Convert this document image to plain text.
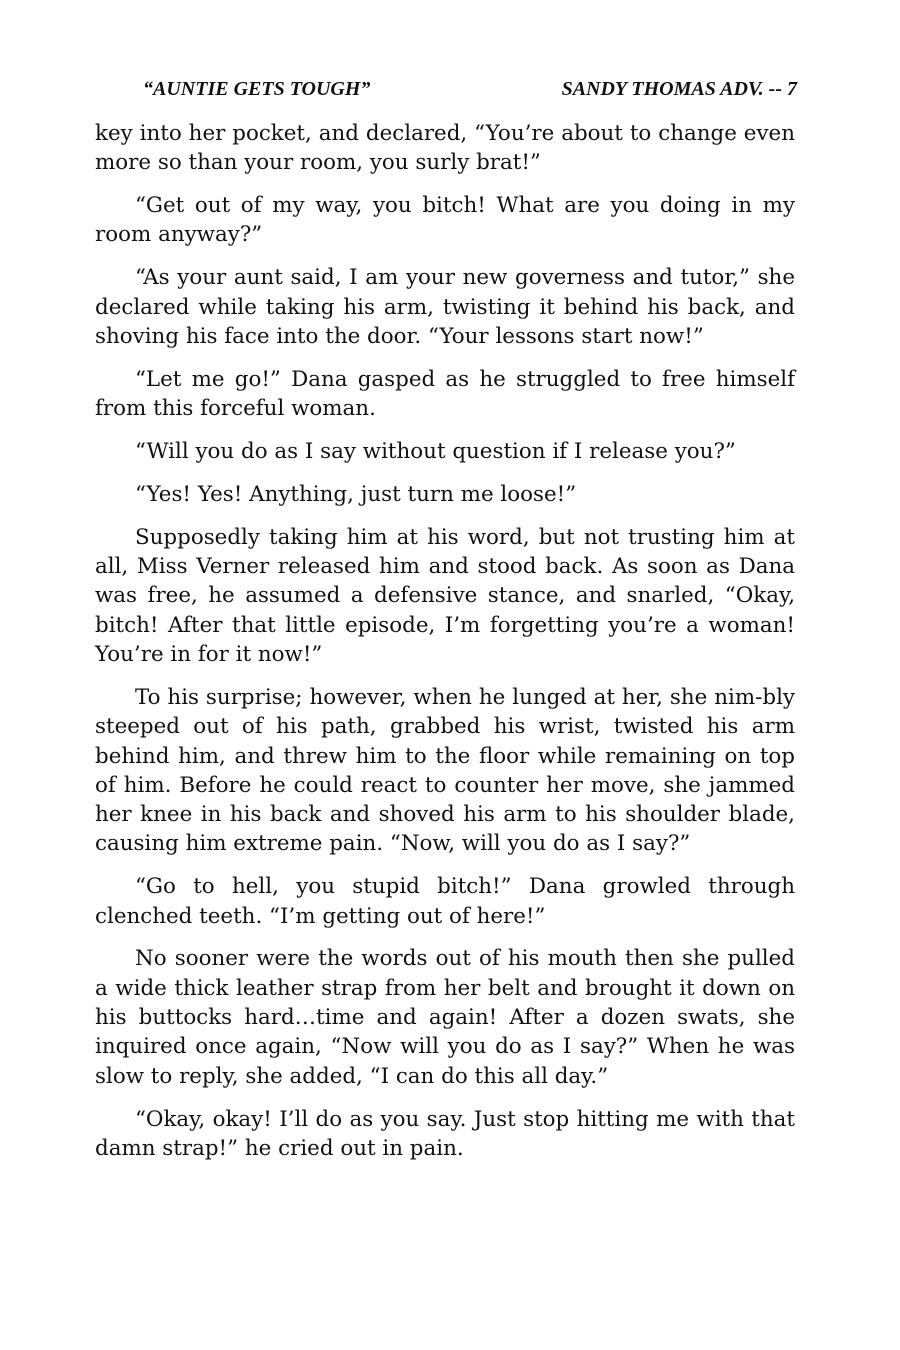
“AUNTIE GETS TOUGH”	SANDY THOMAS ADV. -- 7

key into her pocket, and declared, “You’re about to change even more so than your room, you surly brat!”

“Get out of my way, you bitch! What are you doing in my room anyway?”

“As your aunt said, I am your new governess and tutor,” she declared while taking his arm, twisting it behind his back, and shoving his face into the door. “Your lessons start now!”

“Let me go!” Dana gasped as he struggled to free himself from this forceful woman.

“Will you do as I say without question if I release you?”

“Yes! Yes! Anything, just turn me loose!”

Supposedly taking him at his word, but not trusting him at all, Miss Verner released him and stood back. As soon as Dana was free, he assumed a defensive stance, and snarled, “Okay, bitch! After that little episode, I’m forgetting you’re a woman! You’re in for it now!”

To his surprise; however, when he lunged at her, she nim-bly steeped out of his path, grabbed his wrist, twisted his arm behind him, and threw him to the floor while remaining on top of him. Before he could react to counter her move, she jammed her knee in his back and shoved his arm to his shoulder blade, causing him extreme pain. “Now, will you do as I say?”

“Go to hell, you stupid bitch!” Dana growled through clenched teeth. “I’m getting out of here!”

No sooner were the words out of his mouth then she pulled a wide thick leather strap from her belt and brought it down on his buttocks hard…time and again! After a dozen swats, she inquired once again, “Now will you do as I say?” When he was slow to reply, she added, “I can do this all day.”

“Okay, okay! I’ll do as you say. Just stop hitting me with that damn strap!” he cried out in pain.
